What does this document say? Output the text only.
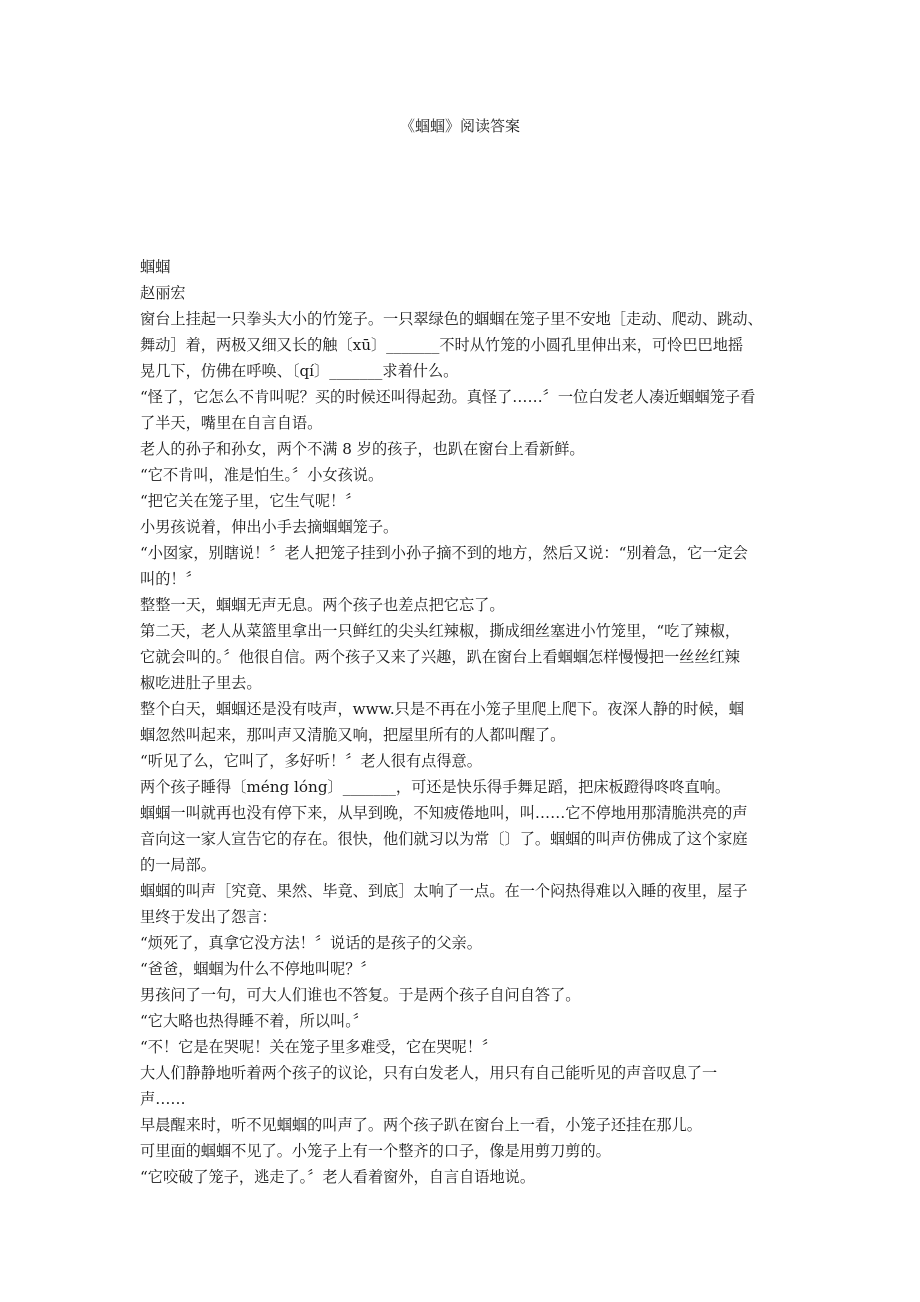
《蝈蝈》阅读答案

蝈蝈

赵丽宏

窗台上挂起一只拳头大小的竹笼子。一只翠绿色的蝈蝈在笼子里不安地［走动、爬动、跳动、

舞动］着，两极又细又长的触〔xū〕_______不时从竹笼的小圆孔里伸出来，可怜巴巴地摇

晃几下，仿佛在呼唤、〔qí〕_______求着什么。

“怪了，它怎么不肯叫呢？买的时候还叫得起劲。真怪了……〞一位白发老人凑近蝈蝈笼子看

了半天，嘴里在自言自语。

老人的孙子和孙女，两个不满 8 岁的孩子，也趴在窗台上看新鲜。

“它不肯叫，准是怕生。〞小女孩说。

“把它关在笼子里，它生气呢！〞

小男孩说着，伸出小手去摘蝈蝈笼子。

“小囡家，别瞎说！〞老人把笼子挂到小孙子摘不到的地方，然后又说：“别着急，它一定会

叫的！〞

整整一天，蝈蝈无声无息。两个孩子也差点把它忘了。

第二天，老人从菜篮里拿出一只鲜红的尖头红辣椒，撕成细丝塞进小竹笼里，“吃了辣椒，

它就会叫的。〞他很自信。两个孩子又来了兴趣，趴在窗台上看蝈蝈怎样慢慢把一丝丝红辣

椒吃进肚子里去。

整个白天，蝈蝈还是没有吱声，www.只是不再在小笼子里爬上爬下。夜深人静的时候，蝈

蝈忽然叫起来，那叫声又清脆又响，把屋里所有的人都叫醒了。

“听见了么，它叫了，多好听！〞老人很有点得意。

两个孩子睡得〔méng lóng〕_______，可还是快乐得手舞足蹈，把床板蹬得咚咚直响。

蝈蝈一叫就再也没有停下来，从早到晚，不知疲倦地叫，叫……它不停地用那清脆洪亮的声

音向这一家人宣告它的存在。很快，他们就习以为常〔〕了。蝈蝈的叫声仿佛成了这个家庭

的一局部。

蝈蝈的叫声［究竟、果然、毕竟、到底］太响了一点。在一个闷热得难以入睡的夜里，屋子

里终于发出了怨言：

“烦死了，真拿它没方法！〞说话的是孩子的父亲。

“爸爸，蝈蝈为什么不停地叫呢？〞

男孩问了一句，可大人们谁也不答复。于是两个孩子自问自答了。

“它大略也热得睡不着，所以叫。〞

“不！它是在哭呢！关在笼子里多难受，它在哭呢！〞

大人们静静地听着两个孩子的议论，只有白发老人，用只有自己能听见的声音叹息了一

声……

早晨醒来时，听不见蝈蝈的叫声了。两个孩子趴在窗台上一看，小笼子还挂在那儿。

可里面的蝈蝈不见了。小笼子上有一个整齐的口子，像是用剪刀剪的。

“它咬破了笼子，逃走了。〞老人看着窗外，自言自语地说。
